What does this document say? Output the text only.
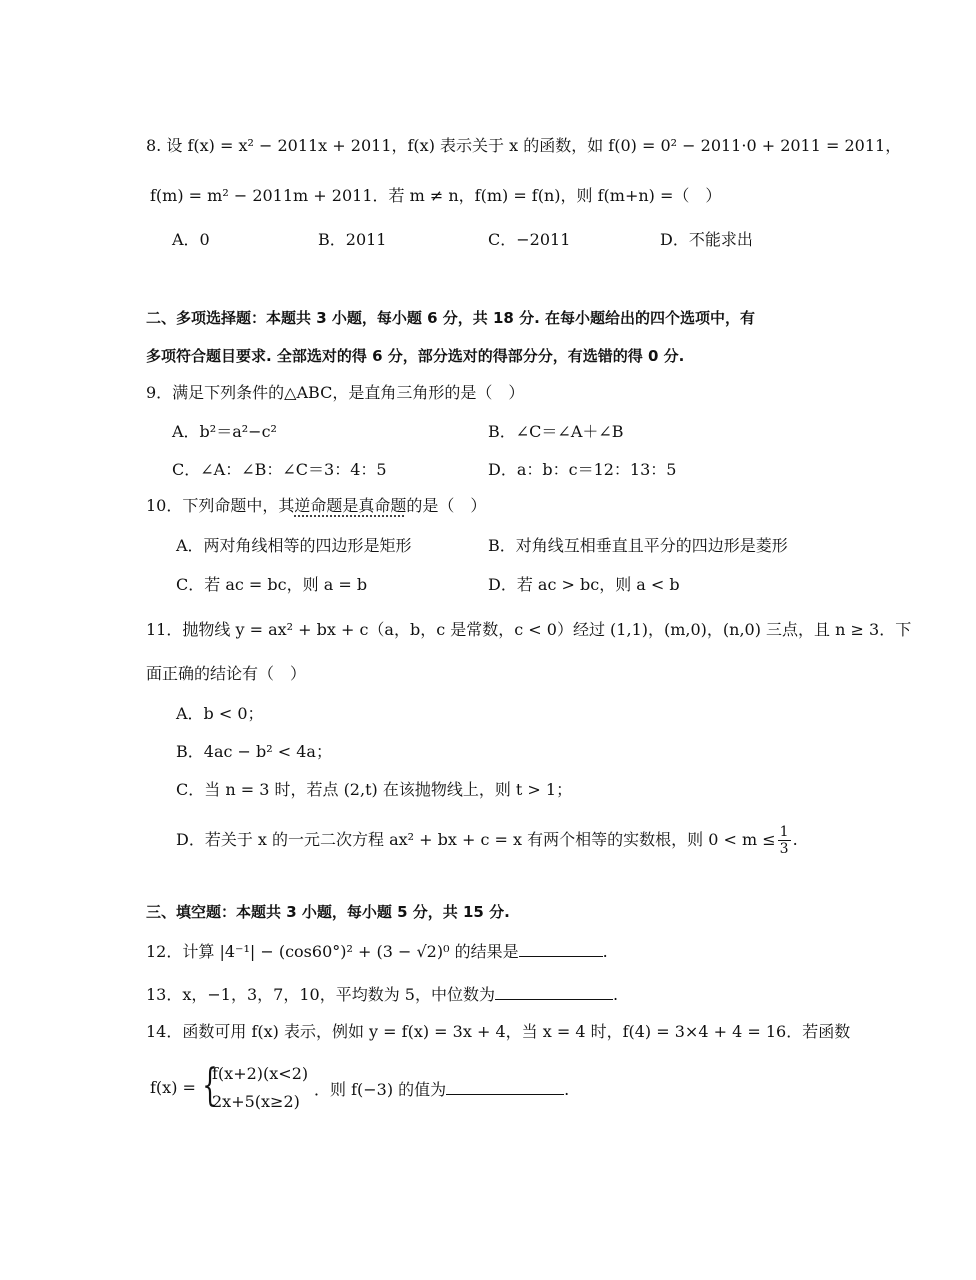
8. 设 f(x) = x² − 2011x + 2011，f(x) 表示关于 x 的函数，如 f(0) = 0² − 2011·0 + 2011 = 2011，
f(m) = m² − 2011m + 2011．若 m ≠ n，f(m) = f(n)，则 f(m+n) =（　）
A．0	B．2011	C．−2011	D．不能求出
二、多项选择题：本题共 3 小题，每小题 6 分，共 18 分. 在每小题给出的四个选项中，有
多项符合题目要求. 全部选对的得 6 分，部分选对的得部分分，有选错的得 0 分.
9．满足下列条件的△ABC，是直角三角形的是（　）
A．b²＝a²−c²	B．∠C＝∠A＋∠B
C．∠A：∠B：∠C＝3：4：5	D．a：b：c＝12：13：5
10．下列命题中，其逆命题是真命题的是（　）
A．两对角线相等的四边形是矩形	B．对角线互相垂直且平分的四边形是菱形
C．若 ac = bc，则 a = b	D．若 ac > bc，则 a < b
11．抛物线 y = ax² + bx + c（a，b，c 是常数，c < 0）经过 (1,1)，(m,0)，(n,0) 三点，且 n ≥ 3．下
面正确的结论有（　）
A．b < 0；
B．4ac − b² < 4a；
C．当 n = 3 时，若点 (2,t) 在该抛物线上，则 t > 1；
D．若关于 x 的一元二次方程 ax² + bx + c = x 有两个相等的实数根，则 $0 < m \le \frac{1}{3}$ .
三、填空题：本题共 3 小题，每小题 5 分，共 15 分.
12．计算 |4⁻¹| − (cos60°)² + (3 − √2)⁰ 的结果是	.
13．x，−1，3，7，10，平均数为 5，中位数为	.
14．函数可用 f(x) 表示，例如 y = f(x) = 3x + 4，当 x = 4 时，f(4) = 3×4 + 4 = 16．若函数
f(x) = {
f(x+2)(x<2)
2x+5(x≥2)
．则 f(−3) 的值为	.
